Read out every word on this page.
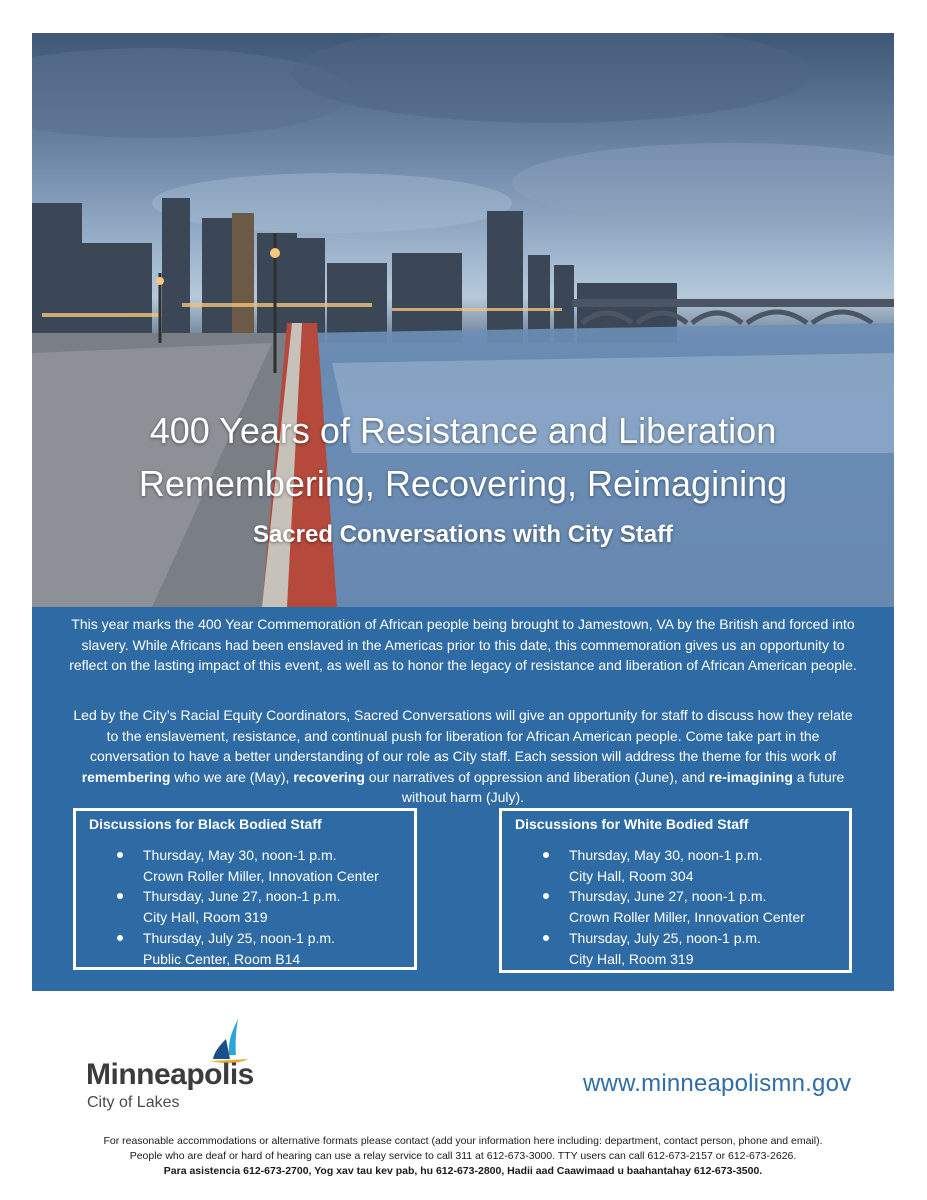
400 Years of Resistance and Liberation
Remembering, Recovering, Reimagining
Sacred Conversations with City Staff
This year marks the 400 Year Commemoration of African people being brought to Jamestown, VA by the British and forced into slavery. While Africans had been enslaved in the Americas prior to this date, this commemoration gives us an opportunity to reflect on the lasting impact of this event, as well as to honor the legacy of resistance and liberation of African American people.
Led by the City’s Racial Equity Coordinators, Sacred Conversations will give an opportunity for staff to discuss how they relate to the enslavement, resistance, and continual push for liberation for African American people. Come take part in the conversation to have a better understanding of our role as City staff. Each session will address the theme for this work of remembering who we are (May), recovering our narratives of oppression and liberation (June), and re-imagining a future without harm (July).
Discussions for Black Bodied Staff
Thursday, May 30, noon-1 p.m.
Crown Roller Miller, Innovation Center
Thursday, June 27, noon-1 p.m.
City Hall, Room 319
Thursday, July 25, noon-1 p.m.
Public Center, Room B14
Discussions for White Bodied Staff
Thursday, May 30, noon-1 p.m.
City Hall, Room 304
Thursday, June 27, noon-1 p.m.
Crown Roller Miller, Innovation Center
Thursday, July 25, noon-1 p.m.
City Hall, Room 319
Minneapolis
City of Lakes
www.minneapolismn.gov
For reasonable accommodations or alternative formats please contact (add your information here including: department, contact person, phone and email).
People who are deaf or hard of hearing can use a relay service to call 311 at 612-673-3000. TTY users can call 612-673-2157 or 612-673-2626.
Para asistencia 612-673-2700, Yog xav tau kev pab, hu 612-673-2800, Hadii aad Caawimaad u baahantahay 612-673-3500.
